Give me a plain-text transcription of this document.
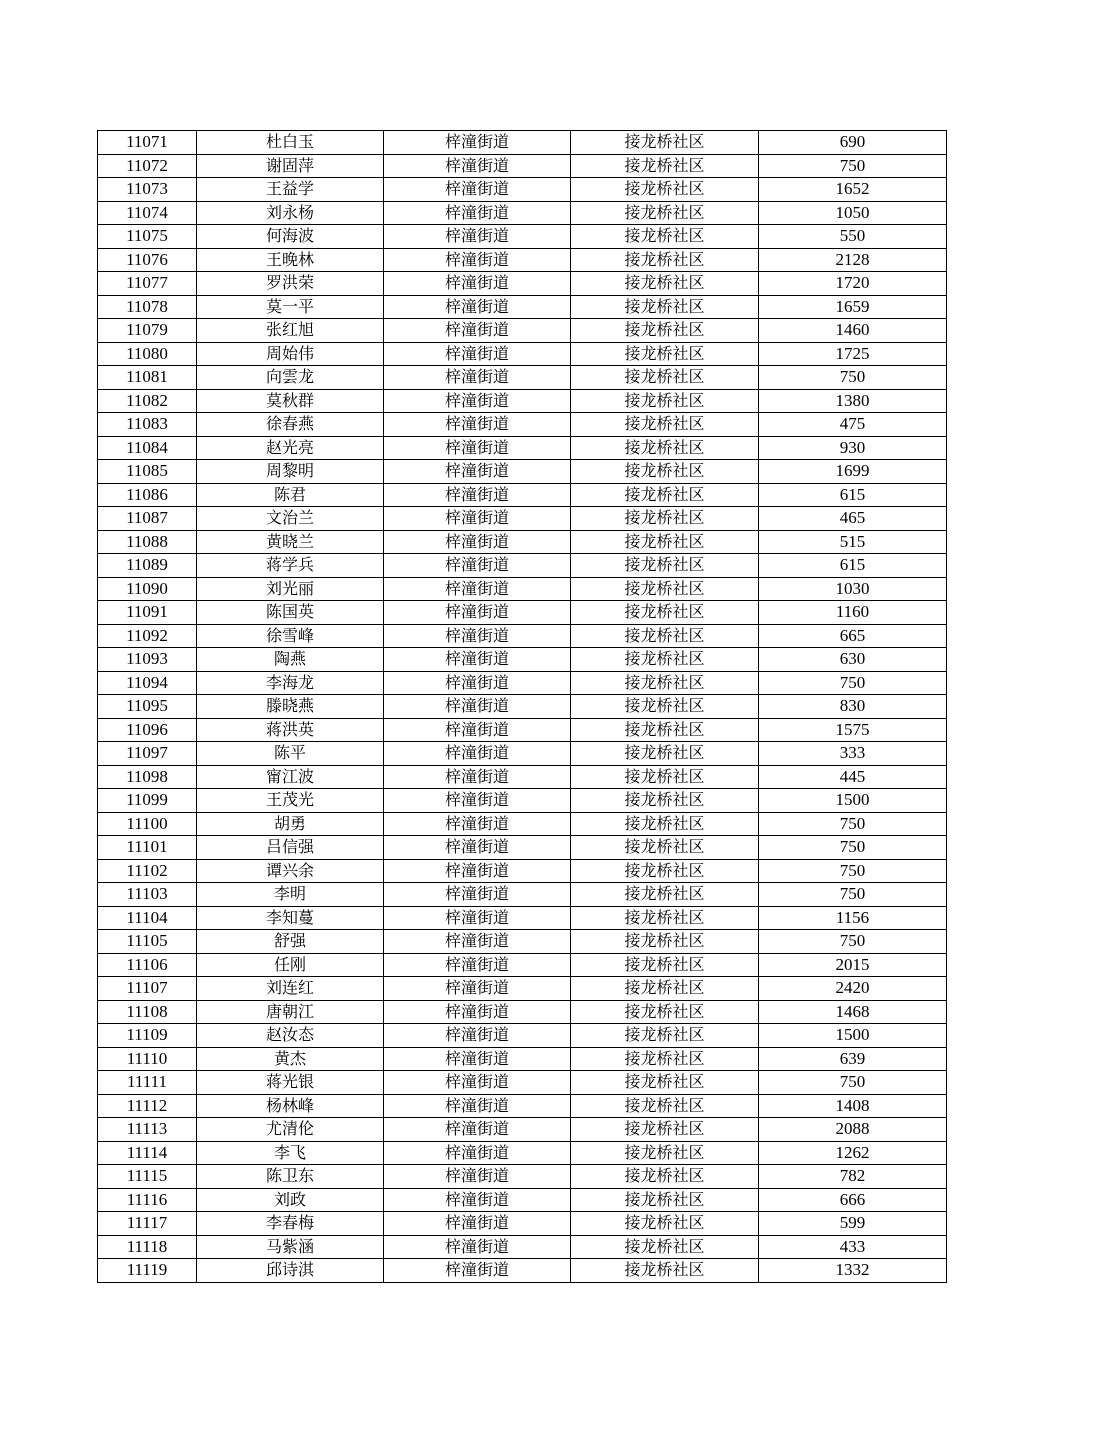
11071	杜白玉	梓潼街道	接龙桥社区	690
11072	谢固萍	梓潼街道	接龙桥社区	750
11073	王益学	梓潼街道	接龙桥社区	1652
11074	刘永杨	梓潼街道	接龙桥社区	1050
11075	何海波	梓潼街道	接龙桥社区	550
11076	王晚林	梓潼街道	接龙桥社区	2128
11077	罗洪荣	梓潼街道	接龙桥社区	1720
11078	莫一平	梓潼街道	接龙桥社区	1659
11079	张红旭	梓潼街道	接龙桥社区	1460
11080	周始伟	梓潼街道	接龙桥社区	1725
11081	向雲龙	梓潼街道	接龙桥社区	750
11082	莫秋群	梓潼街道	接龙桥社区	1380
11083	徐春燕	梓潼街道	接龙桥社区	475
11084	赵光亮	梓潼街道	接龙桥社区	930
11085	周黎明	梓潼街道	接龙桥社区	1699
11086	陈君	梓潼街道	接龙桥社区	615
11087	文治兰	梓潼街道	接龙桥社区	465
11088	黄晓兰	梓潼街道	接龙桥社区	515
11089	蒋学兵	梓潼街道	接龙桥社区	615
11090	刘光丽	梓潼街道	接龙桥社区	1030
11091	陈国英	梓潼街道	接龙桥社区	1160
11092	徐雪峰	梓潼街道	接龙桥社区	665
11093	陶燕	梓潼街道	接龙桥社区	630
11094	李海龙	梓潼街道	接龙桥社区	750
11095	滕晓燕	梓潼街道	接龙桥社区	830
11096	蒋洪英	梓潼街道	接龙桥社区	1575
11097	陈平	梓潼街道	接龙桥社区	333
11098	甯江波	梓潼街道	接龙桥社区	445
11099	王茂光	梓潼街道	接龙桥社区	1500
11100	胡勇	梓潼街道	接龙桥社区	750
11101	吕信强	梓潼街道	接龙桥社区	750
11102	谭兴余	梓潼街道	接龙桥社区	750
11103	李明	梓潼街道	接龙桥社区	750
11104	李知蔓	梓潼街道	接龙桥社区	1156
11105	舒强	梓潼街道	接龙桥社区	750
11106	任刚	梓潼街道	接龙桥社区	2015
11107	刘连红	梓潼街道	接龙桥社区	2420
11108	唐朝江	梓潼街道	接龙桥社区	1468
11109	赵汝态	梓潼街道	接龙桥社区	1500
11110	黄杰	梓潼街道	接龙桥社区	639
11111	蒋光银	梓潼街道	接龙桥社区	750
11112	杨林峰	梓潼街道	接龙桥社区	1408
11113	尤清伦	梓潼街道	接龙桥社区	2088
11114	李飞	梓潼街道	接龙桥社区	1262
11115	陈卫东	梓潼街道	接龙桥社区	782
11116	刘政	梓潼街道	接龙桥社区	666
11117	李春梅	梓潼街道	接龙桥社区	599
11118	马紫涵	梓潼街道	接龙桥社区	433
11119	邱诗淇	梓潼街道	接龙桥社区	1332
